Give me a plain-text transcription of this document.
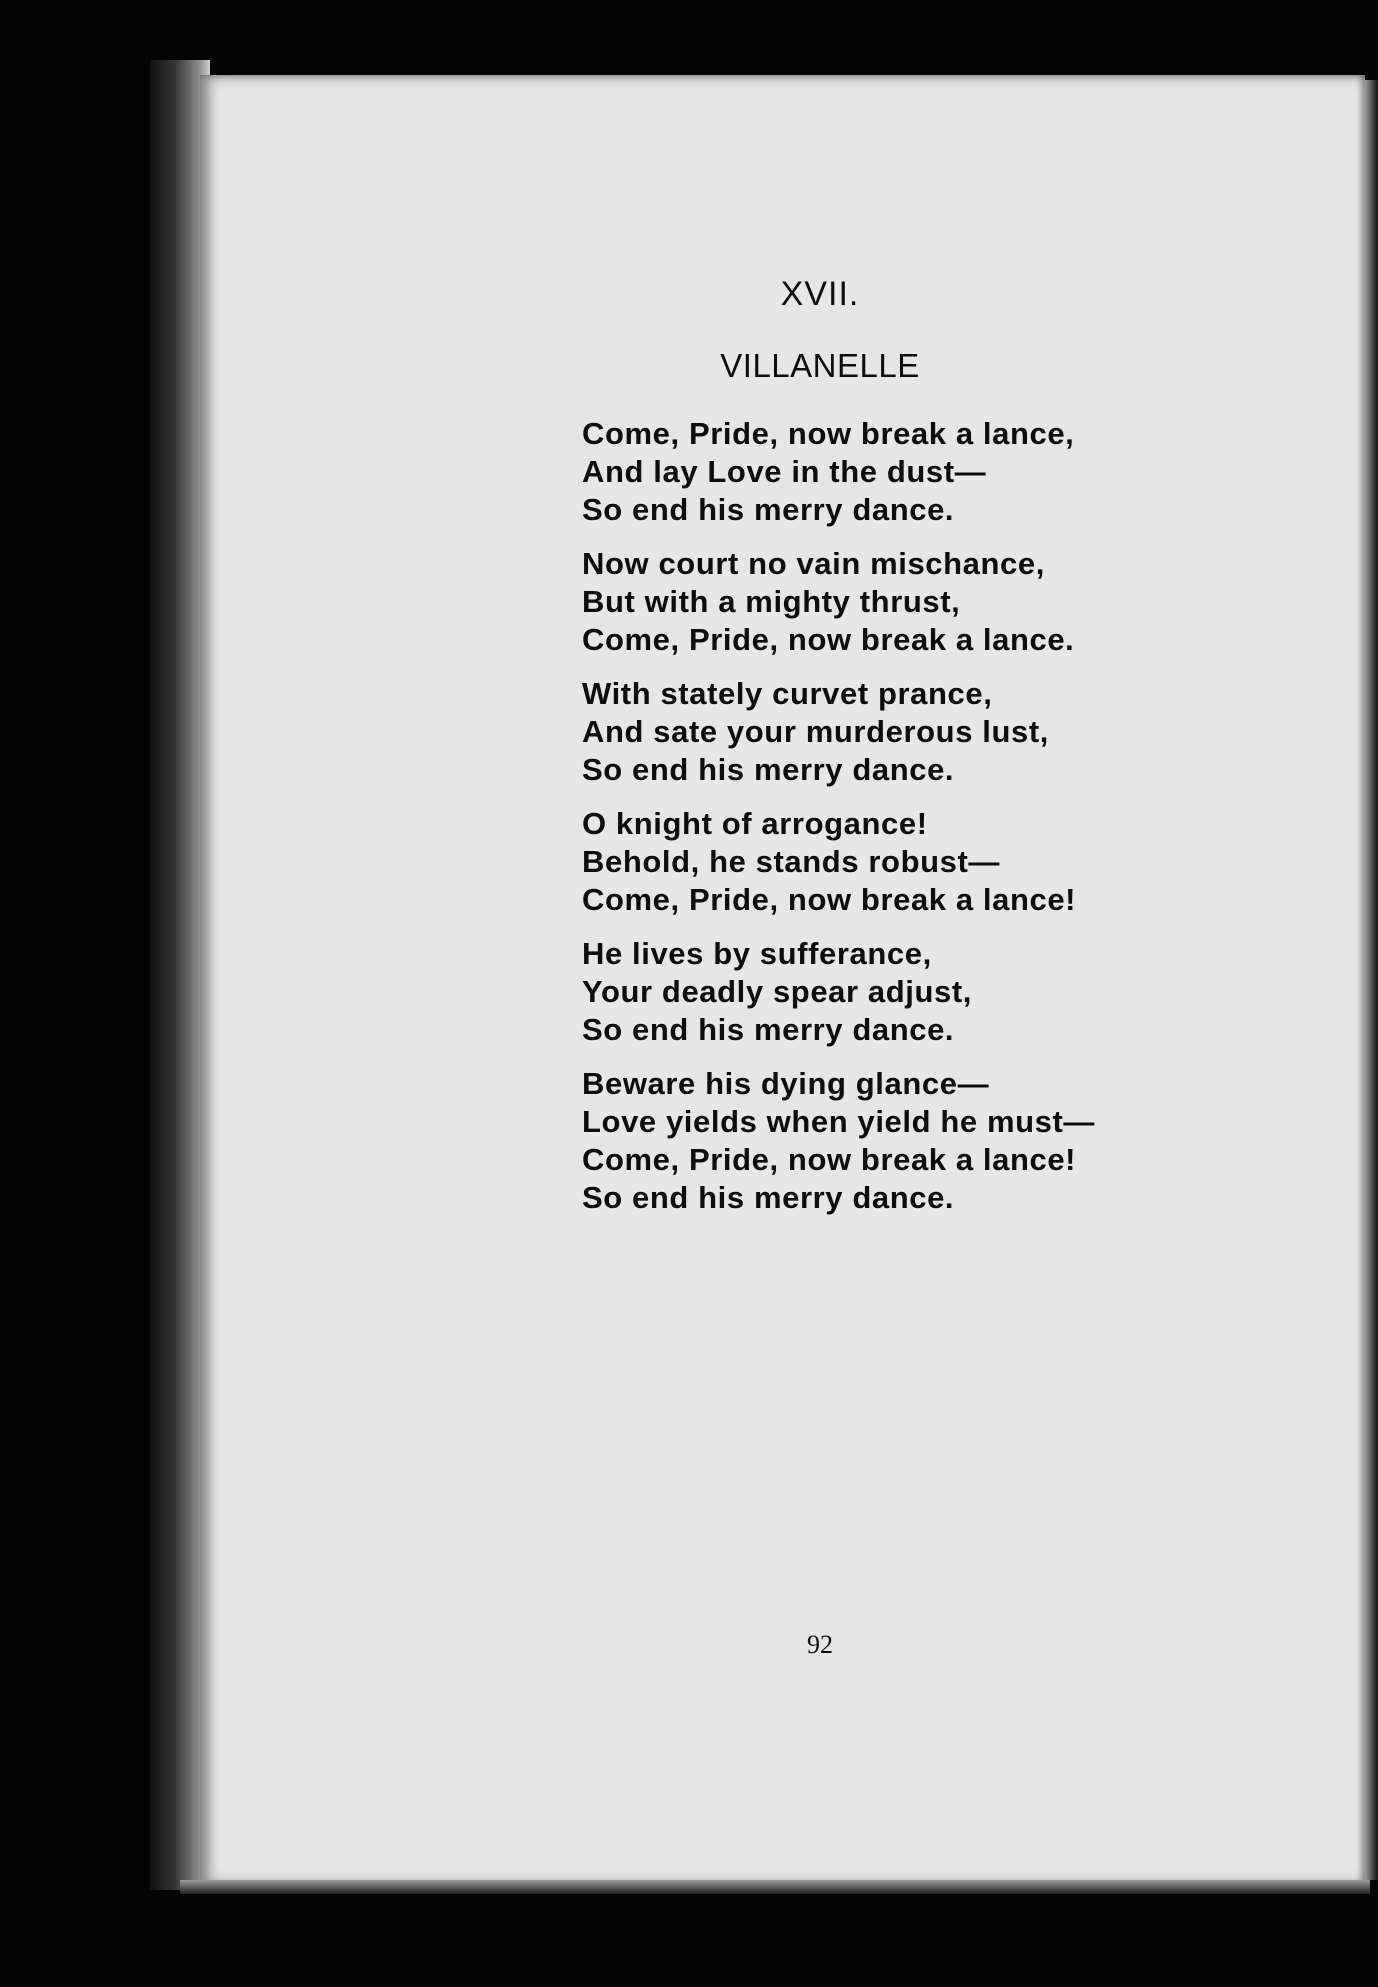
XVII.
VILLANELLE
Come, Pride, now break a lance,
And lay Love in the dust—
So end his merry dance.
Now court no vain mischance,
But with a mighty thrust,
Come, Pride, now break a lance.
With stately curvet prance,
And sate your murderous lust,
So end his merry dance.
O knight of arrogance!
Behold, he stands robust—
Come, Pride, now break a lance!
He lives by sufferance,
Your deadly spear adjust,
So end his merry dance.
Beware his dying glance—
Love yields when yield he must—
Come, Pride, now break a lance!
So end his merry dance.
92
